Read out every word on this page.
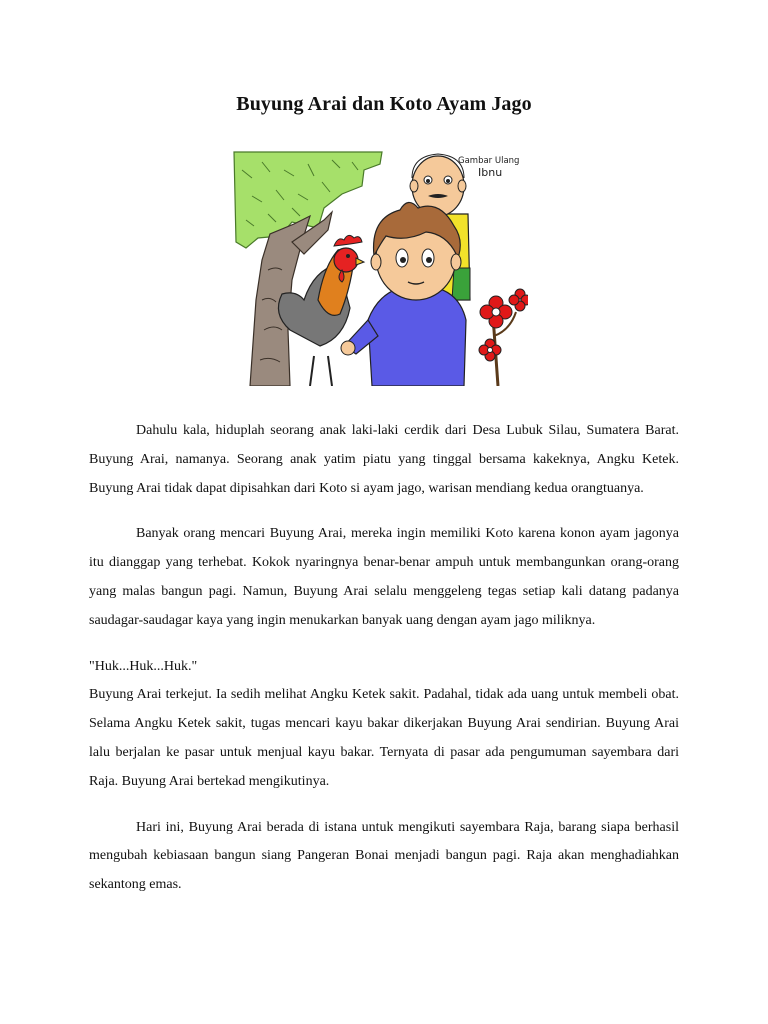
Buyung Arai dan Koto Ayam Jago
Gambar Ulang
Ibnu

Dahulu kala, hiduplah seorang anak laki-laki cerdik dari Desa Lubuk Silau, Sumatera Barat. Buyung Arai, namanya. Seorang anak yatim piatu yang tinggal bersama kakeknya, Angku Ketek. Buyung Arai tidak dapat dipisahkan dari Koto si ayam jago, warisan mendiang kedua orangtuanya.

Banyak orang mencari Buyung Arai, mereka ingin memiliki Koto karena konon ayam jagonya itu dianggap yang terhebat. Kokok nyaringnya benar-benar ampuh untuk membangunkan orang-orang yang malas bangun pagi. Namun, Buyung Arai selalu menggeleng tegas setiap kali datang padanya saudagar-saudagar kaya yang ingin menukarkan banyak uang dengan ayam jago miliknya.

"Huk...Huk...Huk."

Buyung Arai terkejut. Ia sedih melihat Angku Ketek sakit. Padahal, tidak ada uang untuk membeli obat. Selama Angku Ketek sakit, tugas mencari kayu bakar dikerjakan Buyung Arai sendirian. Buyung Arai lalu berjalan ke pasar untuk menjual kayu bakar. Ternyata di pasar ada pengumuman sayembara dari Raja. Buyung Arai bertekad mengikutinya.

Hari ini, Buyung Arai berada di istana untuk mengikuti sayembara Raja, barang siapa berhasil mengubah kebiasaan bangun siang Pangeran Bonai menjadi bangun pagi. Raja akan menghadiahkan sekantong emas.
